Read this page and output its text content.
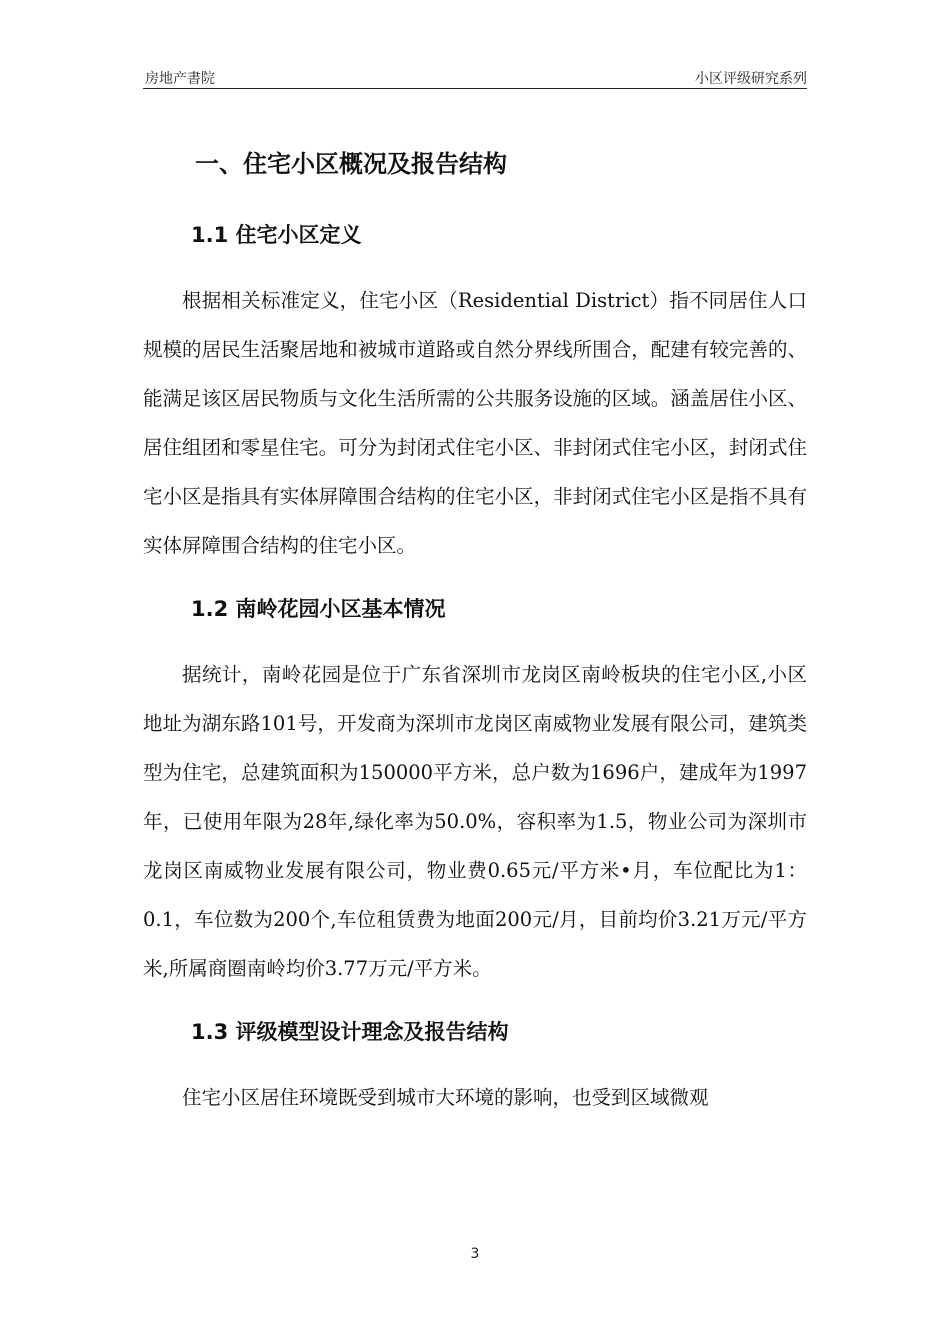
房地产書院	小区评级研究系列
一、住宅小区概况及报告结构
1.1 住宅小区定义

根据相关标准定义，住宅小区（Residential District）指不同居住人口规模的居民生活聚居地和被城市道路或自然分界线所围合，配建有较完善的、能满足该区居民物质与文化生活所需的公共服务设施的区域。涵盖居住小区、居住组团和零星住宅。可分为封闭式住宅小区、非封闭式住宅小区，封闭式住宅小区是指具有实体屏障围合结构的住宅小区，非封闭式住宅小区是指不具有实体屏障围合结构的住宅小区。

1.2 南岭花园小区基本情况

据统计，南岭花园是位于广东省深圳市龙岗区南岭板块的住宅小区,小区地址为湖东路101号，开发商为深圳市龙岗区南威物业发展有限公司，建筑类型为住宅，总建筑面积为150000平方米，总户数为1696户，建成年为1997年，已使用年限为28年,绿化率为50.0%，容积率为1.5，物业公司为深圳市龙岗区南威物业发展有限公司，物业费0.65元/平方米•月，车位配比为1：0.1，车位数为200个,车位租赁费为地面200元/月，目前均价3.21万元/平方米,所属商圈南岭均价3.77万元/平方米。

1.3 评级模型设计理念及报告结构

住宅小区居住环境既受到城市大环境的影响，也受到区域微观

3
